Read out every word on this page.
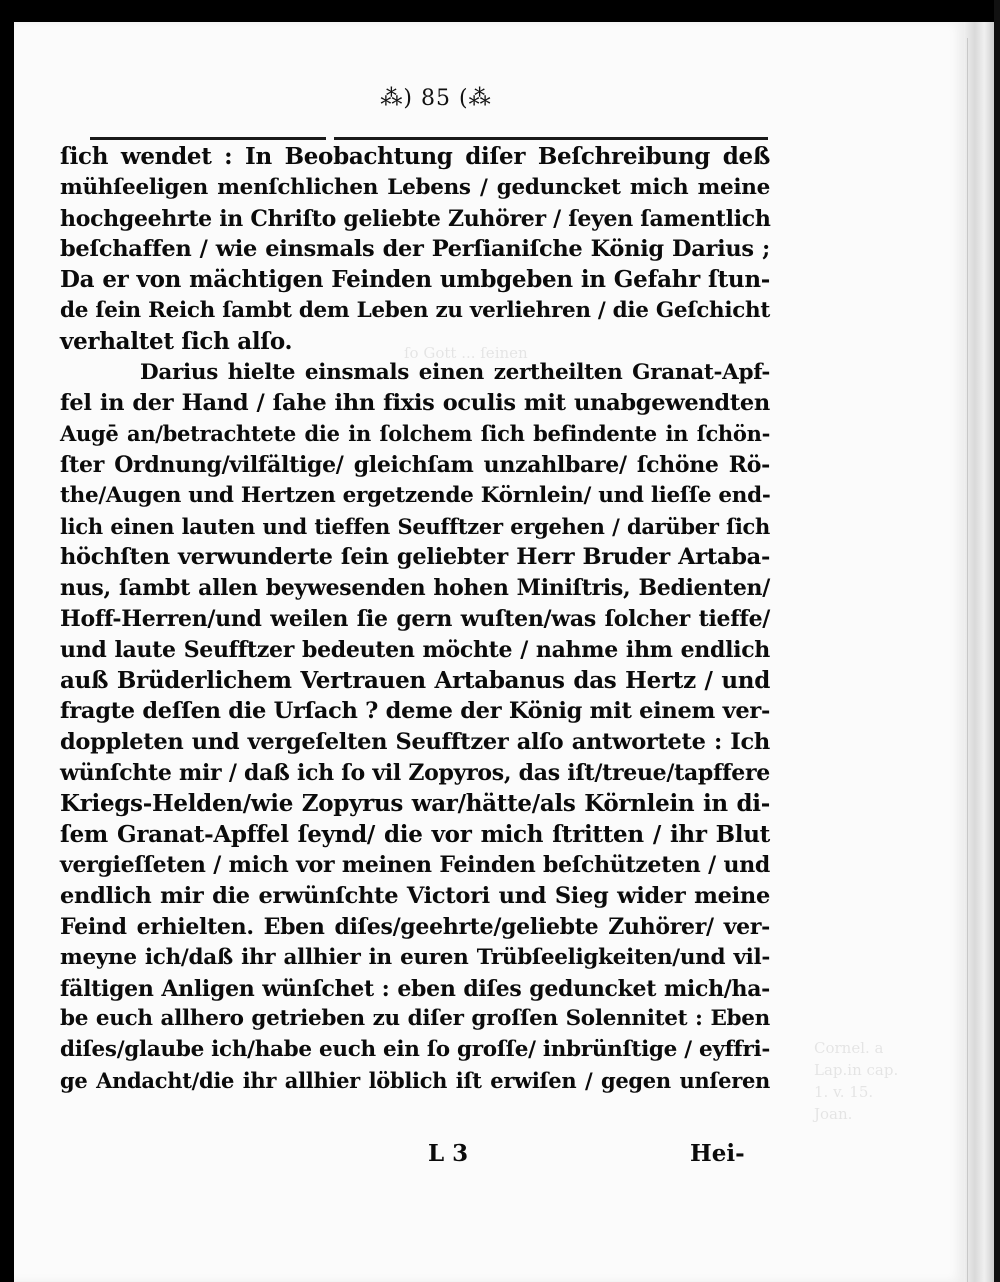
ſo Gott ... ſeinen
Cornel. a
Lap.in cap.
1. v. 15.
Joan.
⁂) 85 (⁂
ſich wendet : In Beobachtung diſer Beſchreibung deß
mühſeeligen menſchlichen Lebens / geduncket mich meine
hochgeehrte in Chriſto geliebte Zuhörer / ſeyen ſamentlich
beſchaffen / wie einsmals der Perſianiſche König Darius ;
Da er von mächtigen Feinden umbgeben in Gefahr ſtun-
de ſein Reich ſambt dem Leben zu verliehren / die Geſchicht
verhaltet ſich alſo.
Darius hielte einsmals einen zertheilten Granat-Apf-
fel in der Hand / ſahe ihn fixis oculis mit unabgewendten
Augē an/betrachtete die in ſolchem ſich befindente in ſchön-
ſter Ordnung/vilfältige/ gleichſam unzahlbare/ ſchöne Rö-
the/Augen und Hertzen ergetzende Körnlein/ und lieſſe end-
lich einen lauten und tieffen Seufftzer ergehen / darüber ſich
höchſten verwunderte ſein geliebter Herr Bruder Artaba-
nus, ſambt allen beywesenden hohen Miniſtris, Bedienten/
Hoff-Herren/und weilen ſie gern wuſten/was ſolcher tieffe/
und laute Seufftzer bedeuten möchte / nahme ihm endlich
auß Brüderlichem Vertrauen Artabanus das Hertz / und
fragte deſſen die Urſach ? deme der König mit einem ver-
doppleten und vergeſelten Seufftzer alſo antwortete : Ich
wünſchte mir / daß ich ſo vil Zopyros, das iſt/treue/tapffere
Kriegs-Helden/wie Zopyrus war/hätte/als Körnlein in di-
ſem Granat-Apffel ſeynd/ die vor mich ſtritten / ihr Blut
vergieſſeten / mich vor meinen Feinden beſchützeten / und
endlich mir die erwünſchte Victori und Sieg wider meine
Feind erhielten. Eben diſes/geehrte/geliebte Zuhörer/ ver-
meyne ich/daß ihr allhier in euren Trübſeeligkeiten/und vil-
fältigen Anligen wünſchet : eben diſes geduncket mich/ha-
be euch allhero getrieben zu diſer groſſen Solennitet : Eben
diſes/glaube ich/habe euch ein ſo groſſe/ inbrünſtige / eyffri-
ge Andacht/die ihr allhier löblich iſt erwiſen / gegen unſeren
L 3	Hei-
